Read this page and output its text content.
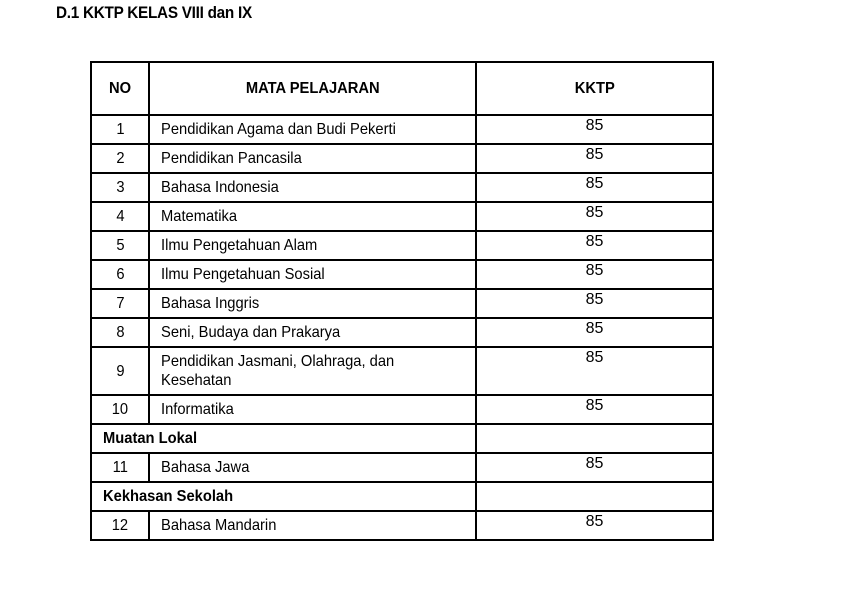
D.1 KKTP KELAS VIII dan IX
NO	MATA PELAJARAN	KKTP
1	Pendidikan Agama dan Budi Pekerti	85
2	Pendidikan Pancasila	85
3	Bahasa Indonesia	85
4	Matematika	85
5	Ilmu Pengetahuan Alam	85
6	Ilmu Pengetahuan Sosial	85
7	Bahasa Inggris	85
8	Seni, Budaya dan Prakarya	85
9	Pendidikan Jasmani, Olahraga, dan
Kesehatan	85
10	Informatika	85
Muatan Lokal		
11	Bahasa Jawa	85
Kekhasan Sekolah		
12	Bahasa Mandarin	85
